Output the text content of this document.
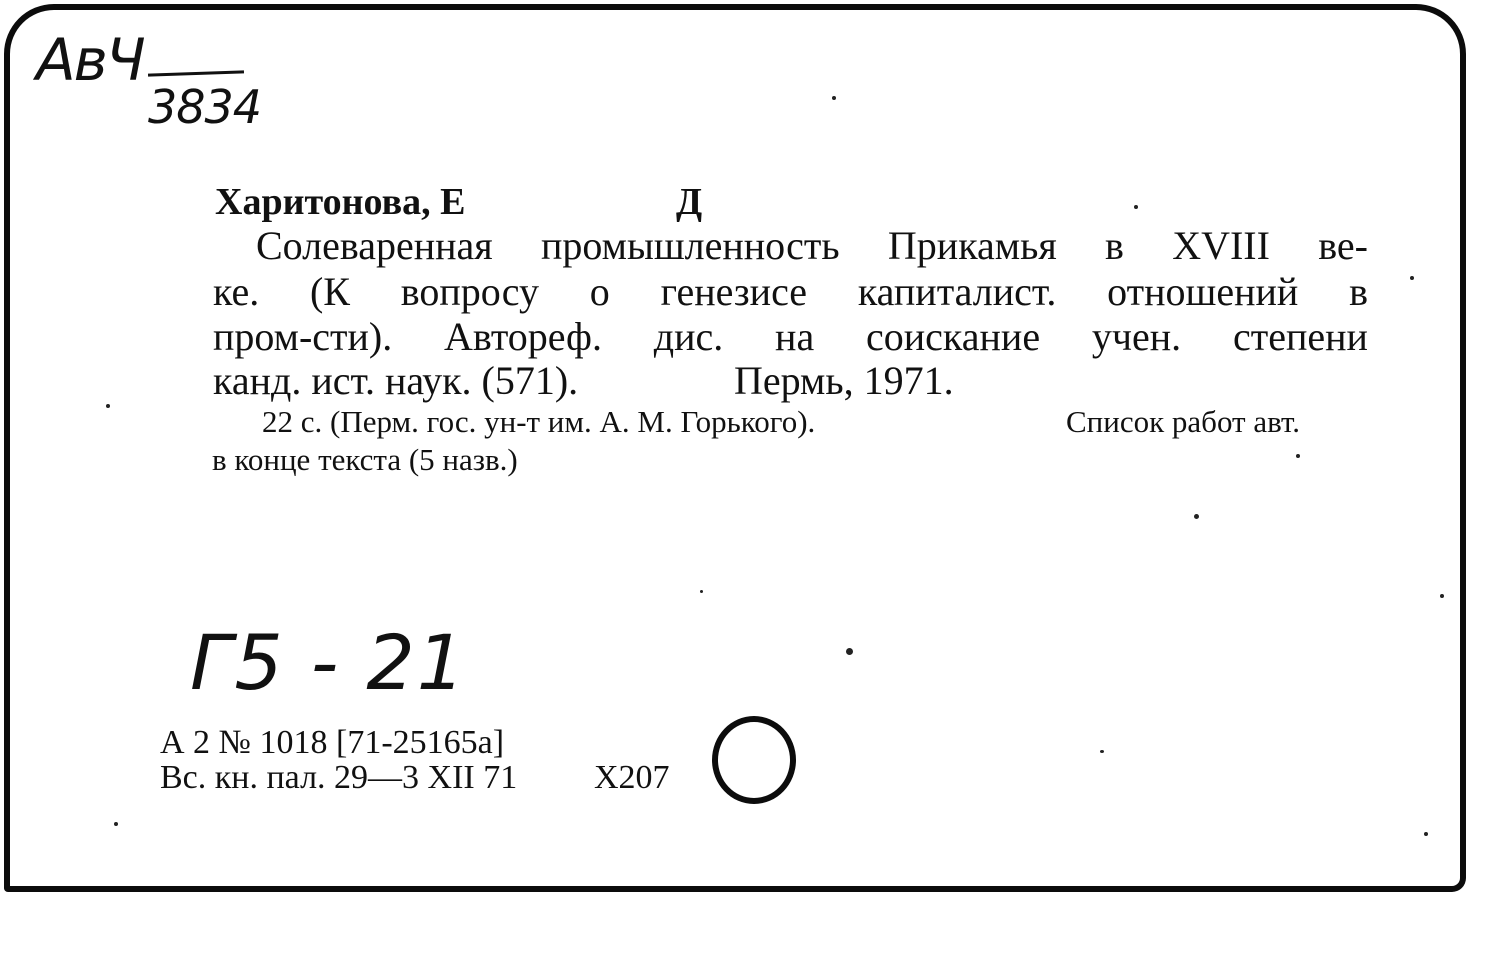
АвЧ
3834
Харитонова, Е	Д
Солеваренная промышленность Прикамья в XVIII ве-
ке. (К вопросу о генезисе капиталист. отношений в
пром-сти). Автореф. дис. на соискание учен. степени
канд. ист. наук. (571).	Пермь, 1971.
22 с. (Перм. гос. ун-т им. А. М. Горького).	Список работ авт.
в конце текста (5 назв.)
Г5 - 21
А 2 № 1018 [71-25165а]
Вс. кн. пал. 29—3 XII 71 Х207
